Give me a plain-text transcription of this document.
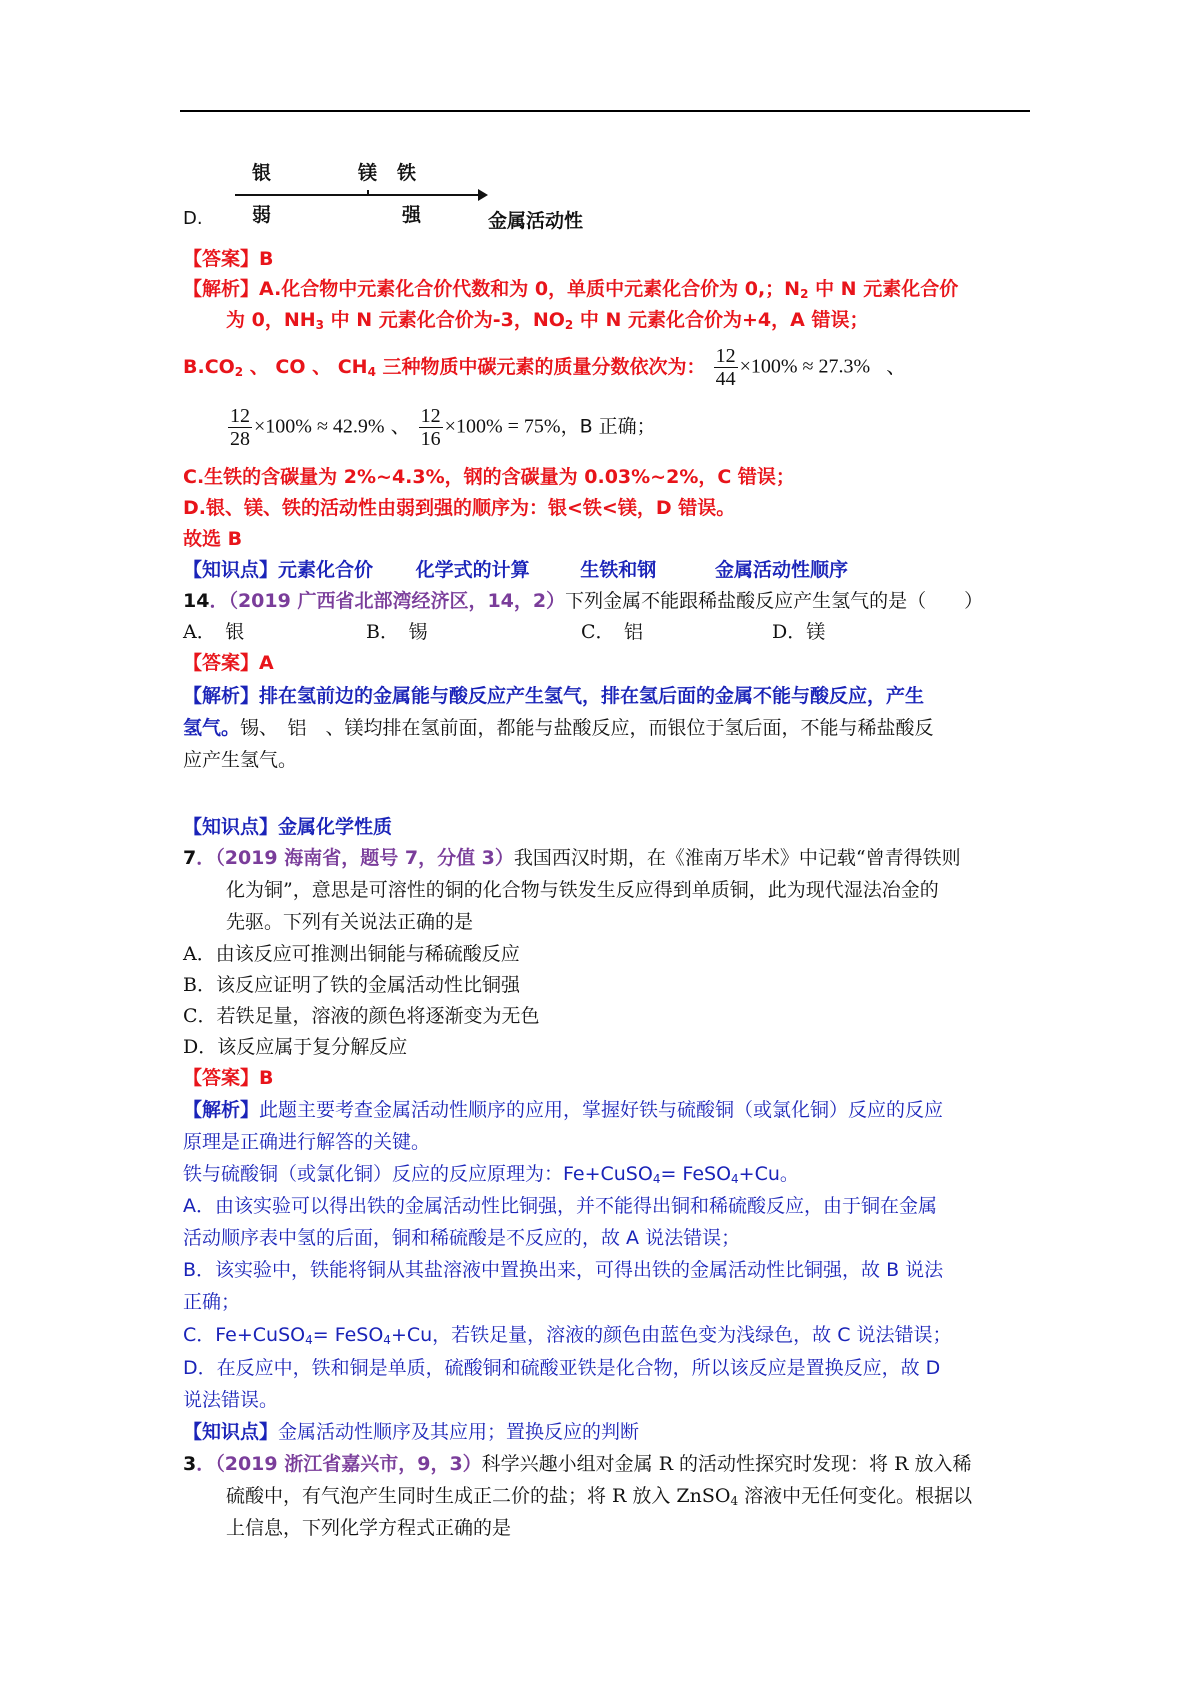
D.
银	镁 铁
弱	强	金属活动性
【答案】B
【解析】A.化合物中元素化合价代数和为 0，单质中元素化合价为 0,；$N_2$ 中 N 元素化合价
为 0，$NH_3$ 中 N 元素化合价为-3，$NO_2$ 中 N 元素化合价为+4，A 错误；
$B.CO_2$ 、 CO 、 $CH_4$ 三种物质中碳元素的质量分数依次为： $\frac{12}{44} \times 100\% \approx 27.3\%$ 、
$\frac{12}{28} \times 100\% \approx 42.9\%$ 、 $\frac{12}{16} \times 100\% = 75\%$，B 正确；
C.生铁的含碳量为 2%~4.3%，钢的含碳量为 0.03%~2%，C 错误；
D.银、镁、铁的活动性由弱到强的顺序为：银<铁<镁，D 错误。
故选 B
【知识点】元素化合价 化学式的计算	生铁和钢	金属活动性顺序
14．（2019 广西省北部湾经济区，14，2）下列金属不能跟稀盐酸反应产生氢气的是（　　）
A．　银	B．　锡	C．　铝	D．镁
【答案】A
【解析】排在氢前边的金属能与酸反应产生氢气，排在氢后面的金属不能与酸反应，产生
氢气。锡、　铝　、镁均排在氢前面，都能与盐酸反应，而银位于氢后面，不能与稀盐酸反
应产生氢气。
【知识点】金属化学性质
7．（2019 海南省，题号 7，分值 3）我国西汉时期，在《淮南万毕术》中记载“曾青得铁则
化为铜”，意思是可溶性的铜的化合物与铁发生反应得到单质铜，此为现代湿法冶金的
先驱。下列有关说法正确的是
A．由该反应可推测出铜能与稀硫酸反应
B．该反应证明了铁的金属活动性比铜强
C．若铁足量，溶液的颜色将逐渐变为无色
D．该反应属于复分解反应
【答案】B
【解析】此题主要考查金属活动性顺序的应用，掌握好铁与硫酸铜（或氯化铜）反应的反应
原理是正确进行解答的关键。
铁与硫酸铜（或氯化铜）反应的反应原理为：Fe+CuSO$_4$= FeSO$_4$+Cu。
A．由该实验可以得出铁的金属活动性比铜强，并不能得出铜和稀硫酸反应，由于铜在金属
活动顺序表中氢的后面，铜和稀硫酸是不反应的，故 A 说法错误；
B．该实验中，铁能将铜从其盐溶液中置换出来，可得出铁的金属活动性比铜强，故 B 说法
正确；
C．Fe+CuSO$_4$= FeSO$_4$+Cu，若铁足量，溶液的颜色由蓝色变为浅绿色，故 C 说法错误；
D．在反应中，铁和铜是单质，硫酸铜和硫酸亚铁是化合物，所以该反应是置换反应，故 D
说法错误。
【知识点】金属活动性顺序及其应用；置换反应的判断
3．（2019 浙江省嘉兴市，9，3）科学兴趣小组对金属 R 的活动性探究时发现：将 R 放入稀
硫酸中，有气泡产生同时生成正二价的盐；将 R 放入 ZnSO$_4$ 溶液中无任何变化。根据以
上信息，下列化学方程式正确的是
